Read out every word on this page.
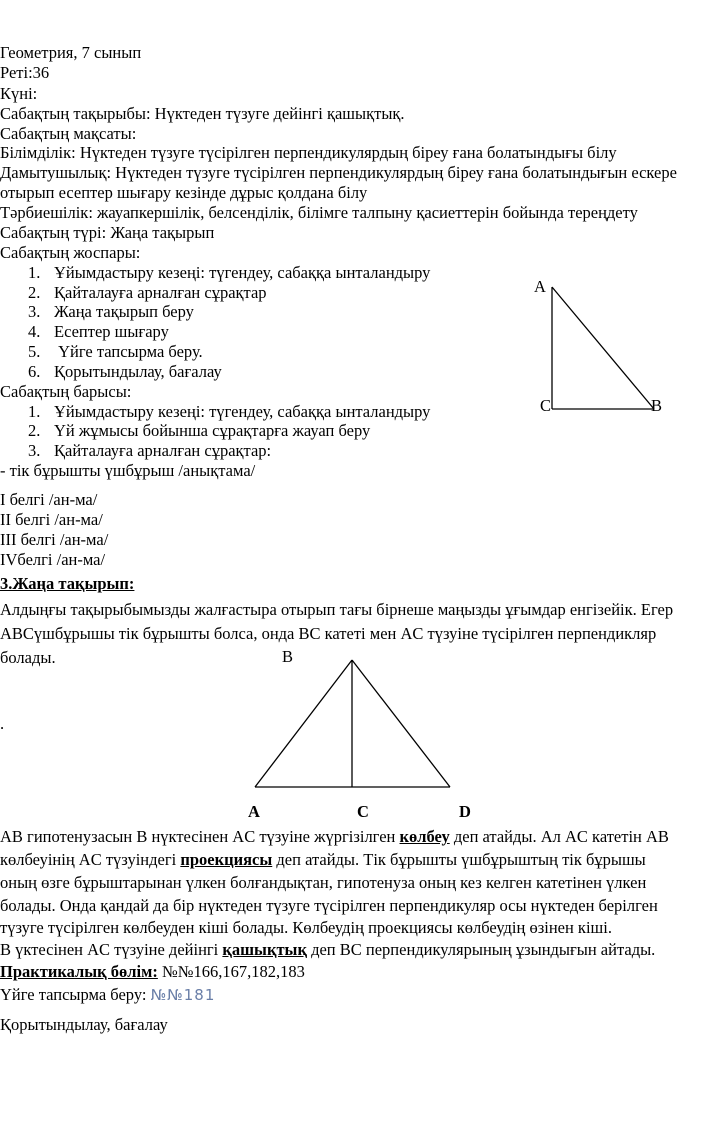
Геометрия, 7 сынып
Реті:36
Күні:
Сабақтың тақырыбы: Нүктеден түзуге дейінгі қашықтық.
Сабақтың мақсаты:
Білімділік: Нүктеден түзуге түсірілген перпендикулярдың біреу ғана болатындығы білу
Дамытушылық: Нүктеден түзуге түсірілген перпендикулярдың біреу ғана болатындығын ескере
отырып есептер шығару кезінде дұрыс қолдана білу
Тәрбиешілік: жауапкершілік, белсенділік, білімге талпыну қасиеттерін бойында тереңдету
Сабақтың түрі: Жаңа тақырып
Сабақтың жоспары:
1. Ұйымдастыру кезеңі: түгендеу, сабаққа ынталандыру
2. Қайталауға арналған сұрақтар
3. Жаңа тақырып беру
4. Есептер шығару
5. Үйге тапсырма беру.
6. Қорытындылау, бағалау
Сабақтың барысы:
1. Ұйымдастыру кезеңі: түгендеу, сабаққа ынталандыру
2. Үй жұмысы бойынша сұрақтарға жауап беру
3. Қайталауға арналған сұрақтар:
- тік бұрышты үшбұрыш /анықтама/
I белгі /ан-ма/
II белгі /ан-ма/
III белгі /ан-ма/
IVбелгі /ан-ма/
A
C	B
3.Жаңа тақырып:
Алдыңғы тақырыбымызды жалғастыра отырып тағы бірнеше маңызды ұғымдар енгізейік. Егер
ABCүшбұрышы тік бұрышты болса, онда BC катеті мен AC түзуіне түсірілген перпендикляр
болады.
.
B
A	C	D
AB гипотенузасын B нүктесінен AC түзуіне жүргізілген көлбеу деп атайды. Ал AC катетін AB
көлбеуінің AC түзуіндегі проекциясы деп атайды. Тік бұрышты үшбұрыштың тік бұрышы
оның өзге бұрыштарынан үлкен болғандықтан, гипотенуза оның кез келген катетінен үлкен
болады. Онда қандай да бір нүктеден түзуге түсірілген перпендикуляр осы нүктеден берілген
түзуге түсірілген көлбеуден кіші болады. Көлбеудің проекциясы көлбеудің өзінен кіші.
В үктесінен AC түзуіне дейінгі қашықтық деп BC перпендикулярының ұзындығын айтады.
Практикалық бөлім: №№166,167,182,183
Үйге тапсырма беру: №№181
Қорытындылау, бағалау
